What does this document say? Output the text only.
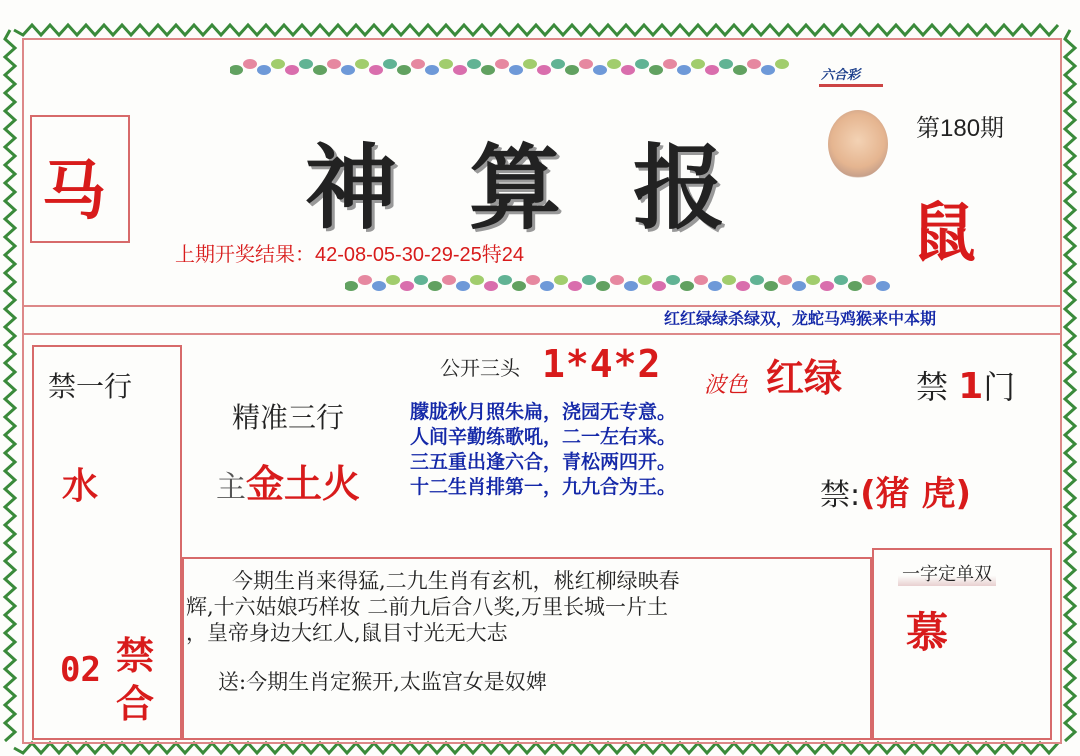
马 神 算 报
六合彩
第180期
鼠
上期开奖结果：42-08-05-30-29-25特24
红红绿绿杀绿双，龙蛇马鸡猴来中本期
禁一行
水
02 禁
合
公开三头 1*4*2 波色 红绿
精准三行
主金土火
朦胧秋月照朱扁，浇园无专意。
人间辛勤练歌吼，二一左右来。
三五重出逢六合，青松两四开。
十二生肖排第一，九九合为王。
禁 1门
禁:(猪 虎)
一字定单双
慕
今期生肖来得猛,二九生肖有玄机，桃红柳绿映春
辉,十六姑娘巧样妆 二前九后合八奖,万里长城一片土
，皇帝身边大红人,鼠目寸光无大志
送:今期生肖定猴开,太监宫女是奴婢
